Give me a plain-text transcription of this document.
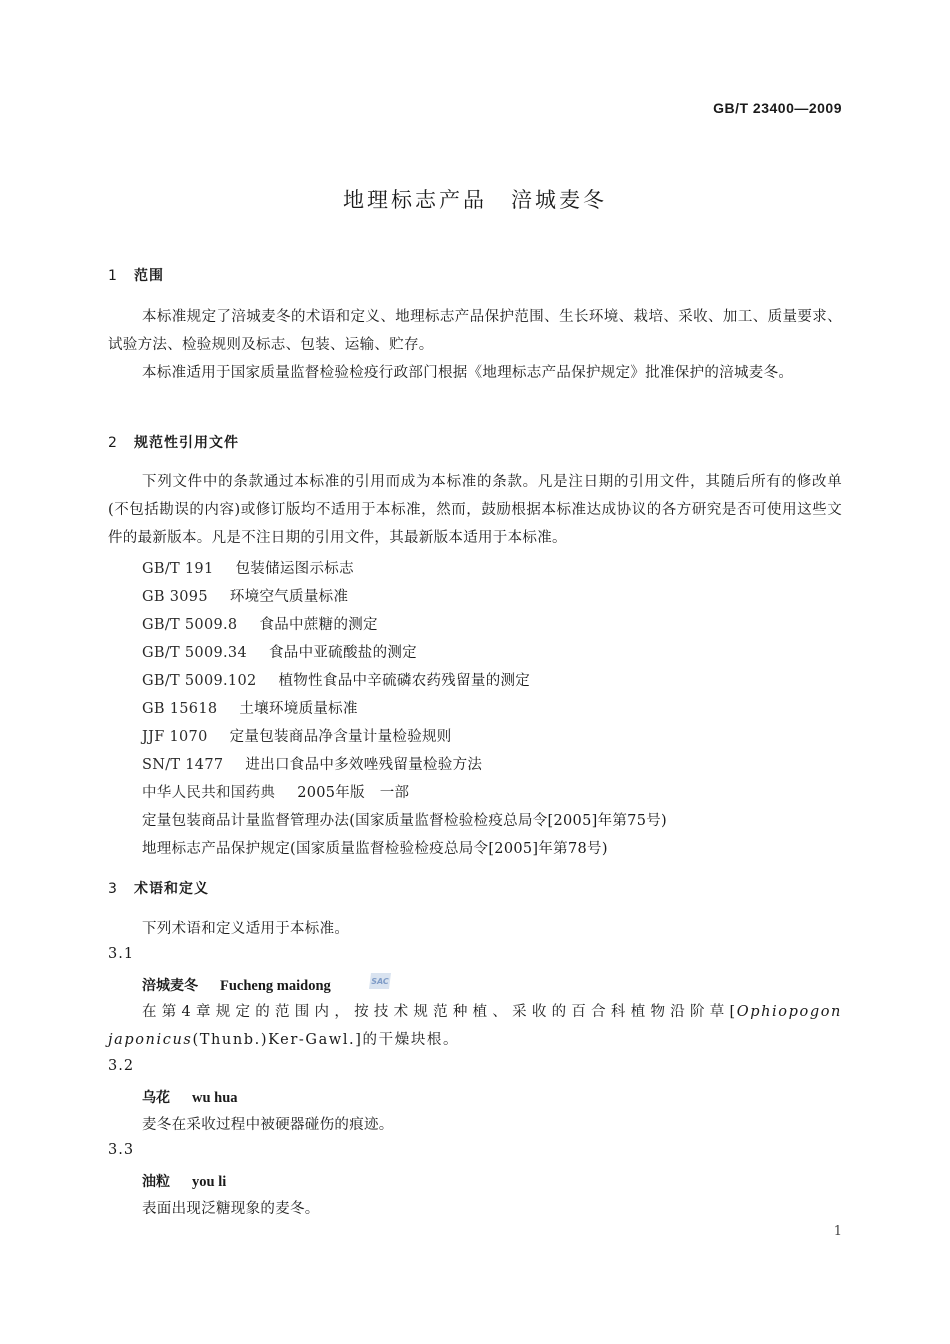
GB/T 23400—2009
地理标志产品　涪城麦冬
1 范围
本标准规定了涪城麦冬的术语和定义、地理标志产品保护范围、生长环境、栽培、采收、加工、质量要求、试验方法、检验规则及标志、包装、运输、贮存。
本标准适用于国家质量监督检验检疫行政部门根据《地理标志产品保护规定》批准保护的涪城麦冬。
2 规范性引用文件
下列文件中的条款通过本标准的引用而成为本标准的条款。凡是注日期的引用文件，其随后所有的修改单(不包括勘误的内容)或修订版均不适用于本标准，然而，鼓励根据本标准达成协议的各方研究是否可使用这些文件的最新版本。凡是不注日期的引用文件，其最新版本适用于本标准。
GB/T 191 包装储运图示标志
GB 3095 环境空气质量标准
GB/T 5009.8 食品中蔗糖的测定
GB/T 5009.34 食品中亚硫酸盐的测定
GB/T 5009.102 植物性食品中辛硫磷农药残留量的测定
GB 15618 土壤环境质量标准
JJF 1070 定量包装商品净含量计量检验规则
SN/T 1477 进出口食品中多效唑残留量检验方法
中华人民共和国药典 2005年版　一部
定量包装商品计量监督管理办法(国家质量监督检验检疫总局令[2005]年第75号)
地理标志产品保护规定(国家质量监督检验检疫总局令[2005]年第78号)
3 术语和定义
下列术语和定义适用于本标准。
3.1
涪城麦冬 Fucheng maidong	SAC
在第4章规定的范围内，按技术规范种植、采收的百合科植物沿阶草[Ophiopogon japonicus(Thunb.)Ker-Gawl.]的干燥块根。
3.2
乌花 wu hua
麦冬在采收过程中被硬器碰伤的痕迹。
3.3
油粒 you li
表面出现泛糖现象的麦冬。
1
